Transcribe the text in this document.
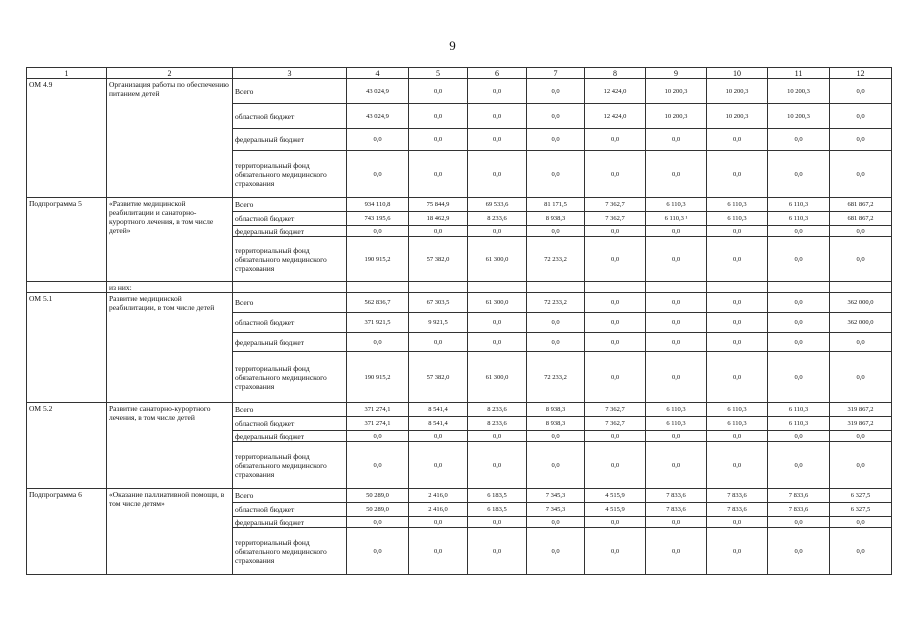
9
1	2	3	4	5	6	7	8	9	10	11	12
ОМ 4.9	Организация работы по обеспечению питанием детей	Всего	43 024,9	0,0	0,0	0,0	12 424,0	10 200,3	10 200,3	10 200,3	0,0
		областной бюджет	43 024,9	0,0	0,0	0,0	12 424,0	10 200,3	10 200,3	10 200,3	0,0
		федеральный бюджет	0,0	0,0	0,0	0,0	0,0	0,0	0,0	0,0	0,0
		территориальный фонд обязательного медицинского страхования	0,0	0,0	0,0	0,0	0,0	0,0	0,0	0,0	0,0
Подпрограмма 5	«Развитие медицинской реабилитации и санаторно-курортного лечения, в том числе детей»	Всего	934 110,8	75 844,9	69 533,6	81 171,5	7 362,7	6 110,3	6 110,3	6 110,3	681 867,2
		областной бюджет	743 195,6	18 462,9	8 233,6	8 938,3	7 362,7	6 110,3 ¹	6 110,3	6 110,3	681 867,2
		федеральный бюджет	0,0	0,0	0,0	0,0	0,0	0,0	0,0	0,0	0,0
		территориальный фонд обязательного медицинского страхования	190 915,2	57 382,0	61 300,0	72 233,2	0,0	0,0	0,0	0,0	0,0
	из них:										
ОМ 5.1	Развитие медицинской реабилитации, в том числе детей	Всего	562 836,7	67 303,5	61 300,0	72 233,2	0,0	0,0	0,0	0,0	362 000,0
		областной бюджет	371 921,5	9 921,5	0,0	0,0	0,0	0,0	0,0	0,0	362 000,0
		федеральный бюджет	0,0	0,0	0,0	0,0	0,0	0,0	0,0	0,0	0,0
		территориальный фонд обязательного медицинского страхования	190 915,2	57 382,0	61 300,0	72 233,2	0,0	0,0	0,0	0,0	0,0
ОМ 5.2	Развитие санаторно-курортного лечения, в том числе детей	Всего	371 274,1	8 541,4	8 233,6	8 938,3	7 362,7	6 110,3	6 110,3	6 110,3	319 867,2
		областной бюджет	371 274,1	8 541,4	8 233,6	8 938,3	7 362,7	6 110,3	6 110,3	6 110,3	319 867,2
		федеральный бюджет	0,0	0,0	0,0	0,0	0,0	0,0	0,0	0,0	0,0
		территориальный фонд обязательного медицинского страхования	0,0	0,0	0,0	0,0	0,0	0,0	0,0	0,0	0,0
Подпрограмма 6	«Оказание паллиативной помощи, в том числе детям»	Всего	50 289,0	2 416,0	6 183,5	7 345,3	4 515,9	7 833,6	7 833,6	7 833,6	6 327,5
		областной бюджет	50 289,0	2 416,0	6 183,5	7 345,3	4 515,9	7 833,6	7 833,6	7 833,6	6 327,5
		федеральный бюджет	0,0	0,0	0,0	0,0	0,0	0,0	0,0	0,0	0,0
		территориальный фонд обязательного медицинского страхования	0,0	0,0	0,0	0,0	0,0	0,0	0,0	0,0	0,0
